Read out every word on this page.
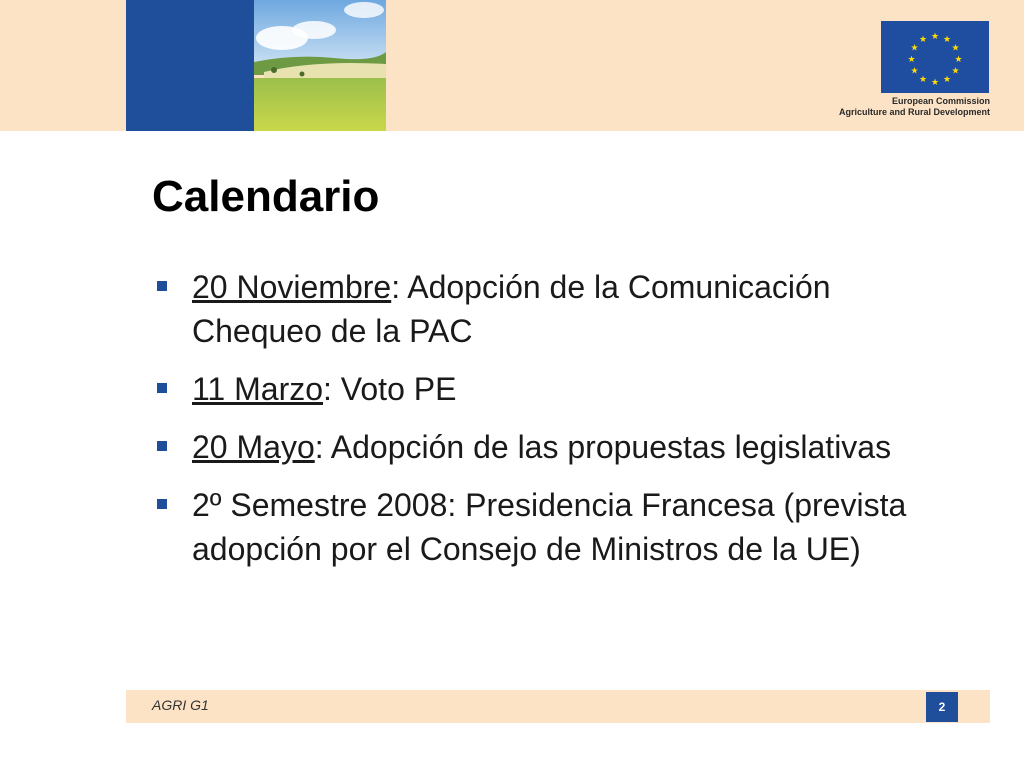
★ ★
★
★
★
★
★
★
★
★
★
★
European Commission
Agriculture and Rural Development
Calendario
20 Noviembre: Adopción de la Comunicación Chequeo de la PAC
11 Marzo: Voto PE
20 Mayo: Adopción de las propuestas legislativas
2º Semestre 2008: Presidencia Francesa (prevista adopción por el Consejo de Ministros de la UE)
AGRI G1	2
